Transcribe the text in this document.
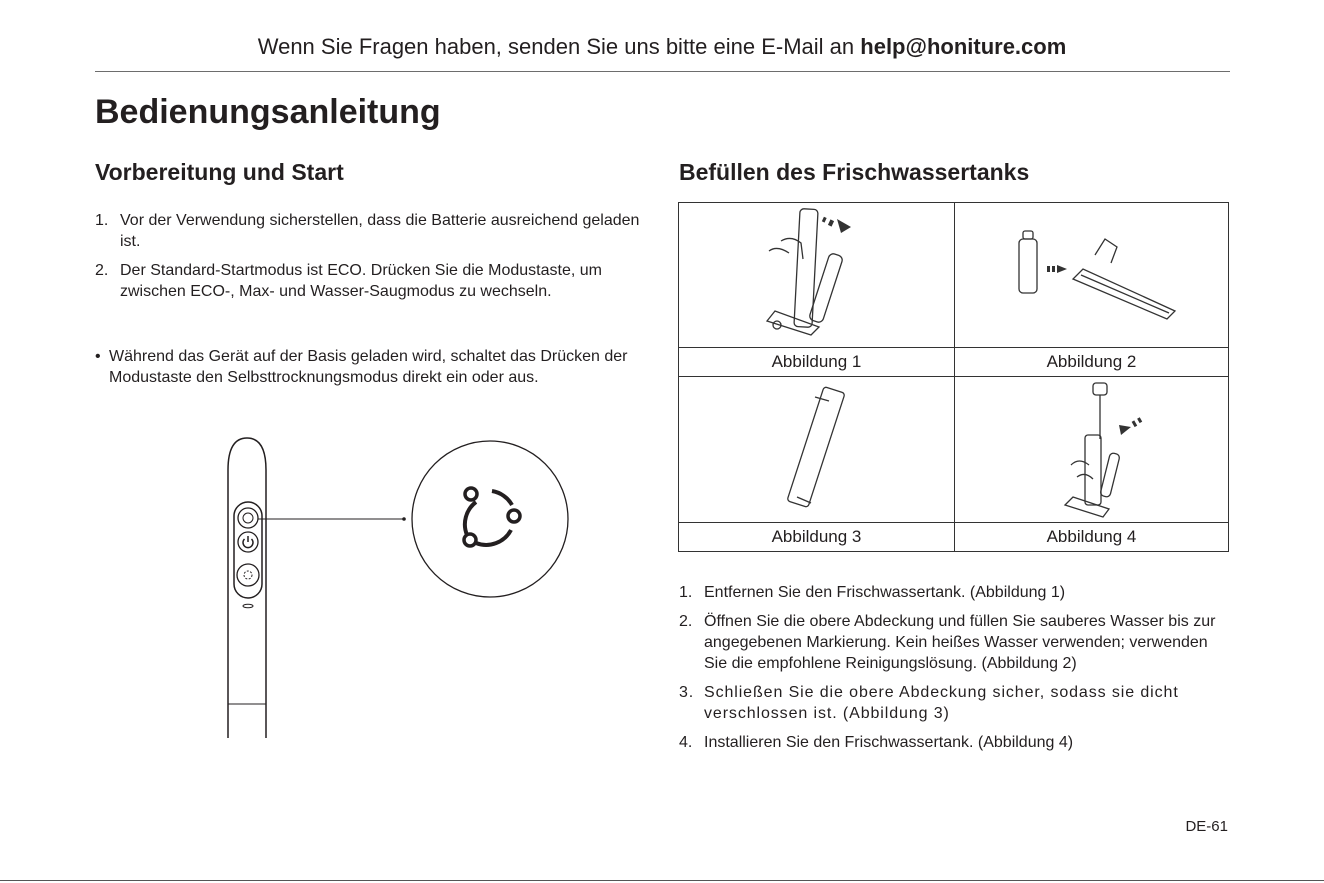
Wenn Sie Fragen haben, senden Sie uns bitte eine E-Mail an help@honiture.com
Bedienungsanleitung
Vorbereitung und Start
1. Vor der Verwendung sicherstellen, dass die Batterie ausreichend geladen ist.
2. Der Standard-Startmodus ist ECO. Drücken Sie die Modustaste, um zwischen ECO-, Max- und Wasser-Saugmodus zu wechseln.
• Während das Gerät auf der Basis geladen wird, schaltet das Drücken der Modustaste den Selbsttrocknungsmodus direkt ein oder aus.
Befüllen des Frischwassertanks
Abbildung 1	Abbildung 2
Abbildung 3	Abbildung 4
1. Entfernen Sie den Frischwassertank. (Abbildung 1)
2. Öffnen Sie die obere Abdeckung und füllen Sie sauberes Wasser bis zur angegebenen Markierung. Kein heißes Wasser verwenden; verwenden Sie die empfohlene Reinigungslösung. (Abbildung 2)
3. Schließen Sie die obere Abdeckung sicher, sodass sie dicht verschlossen ist. (Abbildung 3)
4. Installieren Sie den Frischwassertank. (Abbildung 4)
DE-61
